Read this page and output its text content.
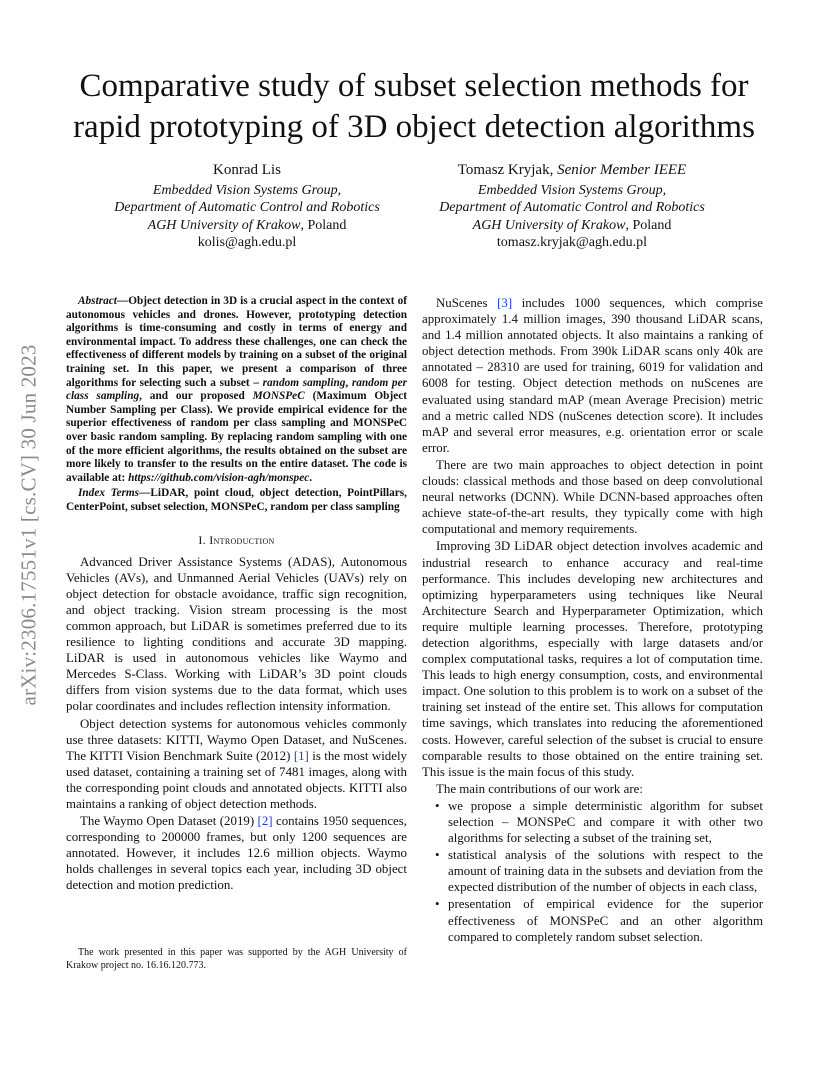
arXiv:2306.17551v1 [cs.CV] 30 Jun 2023
Comparative study of subset selection methods for rapid prototyping of 3D object detection algorithms
Konrad Lis
Embedded Vision Systems Group,
Department of Automatic Control and Robotics
AGH University of Krakow, Poland
kolis@agh.edu.pl
Tomasz Kryjak, Senior Member IEEE
Embedded Vision Systems Group,
Department of Automatic Control and Robotics
AGH University of Krakow, Poland
tomasz.kryjak@agh.edu.pl

Abstract—Object detection in 3D is a crucial aspect in the context of autonomous vehicles and drones. However, prototyping detection algorithms is time-consuming and costly in terms of energy and environmental impact. To address these challenges, one can check the effectiveness of different models by training on a subset of the original training set. In this paper, we present a comparison of three algorithms for selecting such a subset – random sampling, random per class sampling, and our proposed MONSPeC (Maximum Object Number Sampling per Class). We provide empirical evidence for the superior effectiveness of random per class sampling and MONSPeC over basic random sampling. By replacing random sampling with one of the more efficient algorithms, the results obtained on the subset are more likely to transfer to the results on the entire dataset. The code is available at: https://github.com/vision-agh/monspec.

Index Terms—LiDAR, point cloud, object detection, PointPillars, CenterPoint, subset selection, MONSPeC, random per class sampling

I. Introduction

Advanced Driver Assistance Systems (ADAS), Autonomous Vehicles (AVs), and Unmanned Aerial Vehicles (UAVs) rely on object detection for obstacle avoidance, traffic sign recognition, and object tracking. Vision stream processing is the most common approach, but LiDAR is sometimes preferred due to its resilience to lighting conditions and accurate 3D mapping. LiDAR is used in autonomous vehicles like Waymo and Mercedes S-Class. Working with LiDAR’s 3D point clouds differs from vision systems due to the data format, which uses polar coordinates and includes reflection intensity information.

Object detection systems for autonomous vehicles commonly use three datasets: KITTI, Waymo Open Dataset, and NuScenes. The KITTI Vision Benchmark Suite (2012) [1] is the most widely used dataset, containing a training set of 7481 images, along with the corresponding point clouds and annotated objects. KITTI also maintains a ranking of object detection methods.

The Waymo Open Dataset (2019) [2] contains 1950 sequences, corresponding to 200000 frames, but only 1200 sequences are annotated. However, it includes 12.6 million objects. Waymo holds challenges in several topics each year, including 3D object detection and motion prediction.

The work presented in this paper was supported by the AGH University of Krakow project no. 16.16.120.773.

NuScenes [3] includes 1000 sequences, which comprise approximately 1.4 million images, 390 thousand LiDAR scans, and 1.4 million annotated objects. It also maintains a ranking of object detection methods. From 390k LiDAR scans only 40k are annotated – 28310 are used for training, 6019 for validation and 6008 for testing. Object detection methods on nuScenes are evaluated using standard mAP (mean Average Precision) metric and a metric called NDS (nuScenes detection score). It includes mAP and several error measures, e.g. orientation error or scale error.

There are two main approaches to object detection in point clouds: classical methods and those based on deep convolutional neural networks (DCNN). While DCNN-based approaches often achieve state-of-the-art results, they typically come with high computational and memory requirements.

Improving 3D LiDAR object detection involves academic and industrial research to enhance accuracy and real-time performance. This includes developing new architectures and optimizing hyperparameters using techniques like Neural Architecture Search and Hyperparameter Optimization, which require multiple learning processes. Therefore, prototyping detection algorithms, especially with large datasets and/or complex computational tasks, requires a lot of computation time. This leads to high energy consumption, costs, and environmental impact. One solution to this problem is to work on a subset of the training set instead of the entire set. This allows for computation time savings, which translates into reducing the aforementioned costs. However, careful selection of the subset is crucial to ensure comparable results to those obtained on the entire training set. This issue is the main focus of this study.

The main contributions of our work are:

• we propose a simple deterministic algorithm for subset selection – MONSPeC and compare it with other two algorithms for selecting a subset of the training set,
• statistical analysis of the solutions with respect to the amount of training data in the subsets and deviation from the expected distribution of the number of objects in each class,
• presentation of empirical evidence for the superior effectiveness of MONSPeC and an other algorithm compared to completely random subset selection.
